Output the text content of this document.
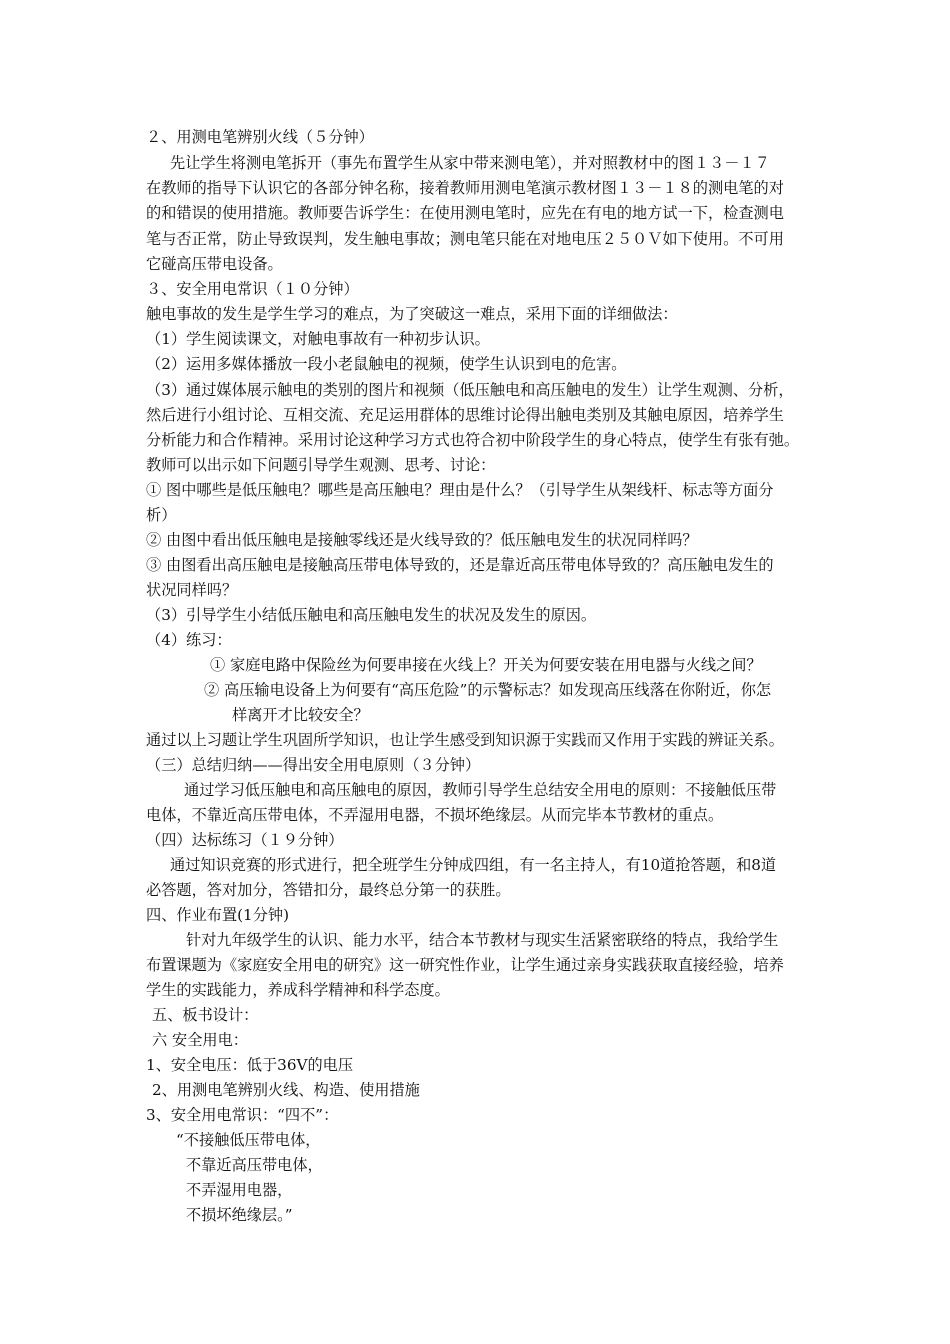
２、用测电笔辨别火线（５分钟）
先让学生将测电笔拆开（事先布置学生从家中带来测电笔），并对照教材中的图１３－１７
在教师的指导下认识它的各部分钟名称，接着教师用测电笔演示教材图１３－１８的测电笔的对
的和错误的使用措施。教师要告诉学生：在使用测电笔时，应先在有电的地方试一下，检查测电
笔与否正常，防止导致误判，发生触电事故；测电笔只能在对地电压２５０Ｖ如下使用。不可用
它碰高压带电设备。
３、安全用电常识（１０分钟）
触电事故的发生是学生学习的难点，为了突破这一难点，采用下面的详细做法：
（1）学生阅读课文，对触电事故有一种初步认识。
（2）运用多媒体播放一段小老鼠触电的视频，使学生认识到电的危害。
（3）通过媒体展示触电的类别的图片和视频（低压触电和高压触电的发生）让学生观测、分析，
然后进行小组讨论、互相交流、充足运用群体的思维讨论得出触电类别及其触电原因，培养学生
分析能力和合作精神。采用讨论这种学习方式也符合初中阶段学生的身心特点，使学生有张有弛。
教师可以出示如下问题引导学生观测、思考、讨论：
① 图中哪些是低压触电？哪些是高压触电？理由是什么？（引导学生从架线杆、标志等方面分
析）
② 由图中看出低压触电是接触零线还是火线导致的？低压触电发生的状况同样吗？
③ 由图看出高压触电是接触高压带电体导致的，还是靠近高压带电体导致的？高压触电发生的
状况同样吗？
（3）引导学生小结低压触电和高压触电发生的状况及发生的原因。
（4）练习：
① 家庭电路中保险丝为何要串接在火线上？开关为何要安装在用电器与火线之间？
② 高压输电设备上为何要有“高压危险”的示警标志？如发现高压线落在你附近，你怎
样离开才比较安全？
通过以上习题让学生巩固所学知识，也让学生感受到知识源于实践而又作用于实践的辨证关系。
（三）总结归纳——得出安全用电原则（３分钟）
通过学习低压触电和高压触电的原因，教师引导学生总结安全用电的原则：不接触低压带
电体，不靠近高压带电体，不弄湿用电器，不损坏绝缘层。从而完毕本节教材的重点。
（四）达标练习（１９分钟）
通过知识竞赛的形式进行，把全班学生分钟成四组，有一名主持人，有10道抢答题，和8道
必答题，答对加分，答错扣分，最终总分第一的获胜。
四、作业布置(1分钟)
针对九年级学生的认识、能力水平，结合本节教材与现实生活紧密联络的特点，我给学生
布置课题为《家庭安全用电的研究》这一研究性作业，让学生通过亲身实践获取直接经验，培养
学生的实践能力，养成科学精神和科学态度。
五、板书设计：
六 安全用电：
1、安全电压：低于36V的电压
2、用测电笔辨别火线、构造、使用措施
3、安全用电常识：“四不”：
“不接触低压带电体，
不靠近高压带电体，
不弄湿用电器，
不损坏绝缘层。”
